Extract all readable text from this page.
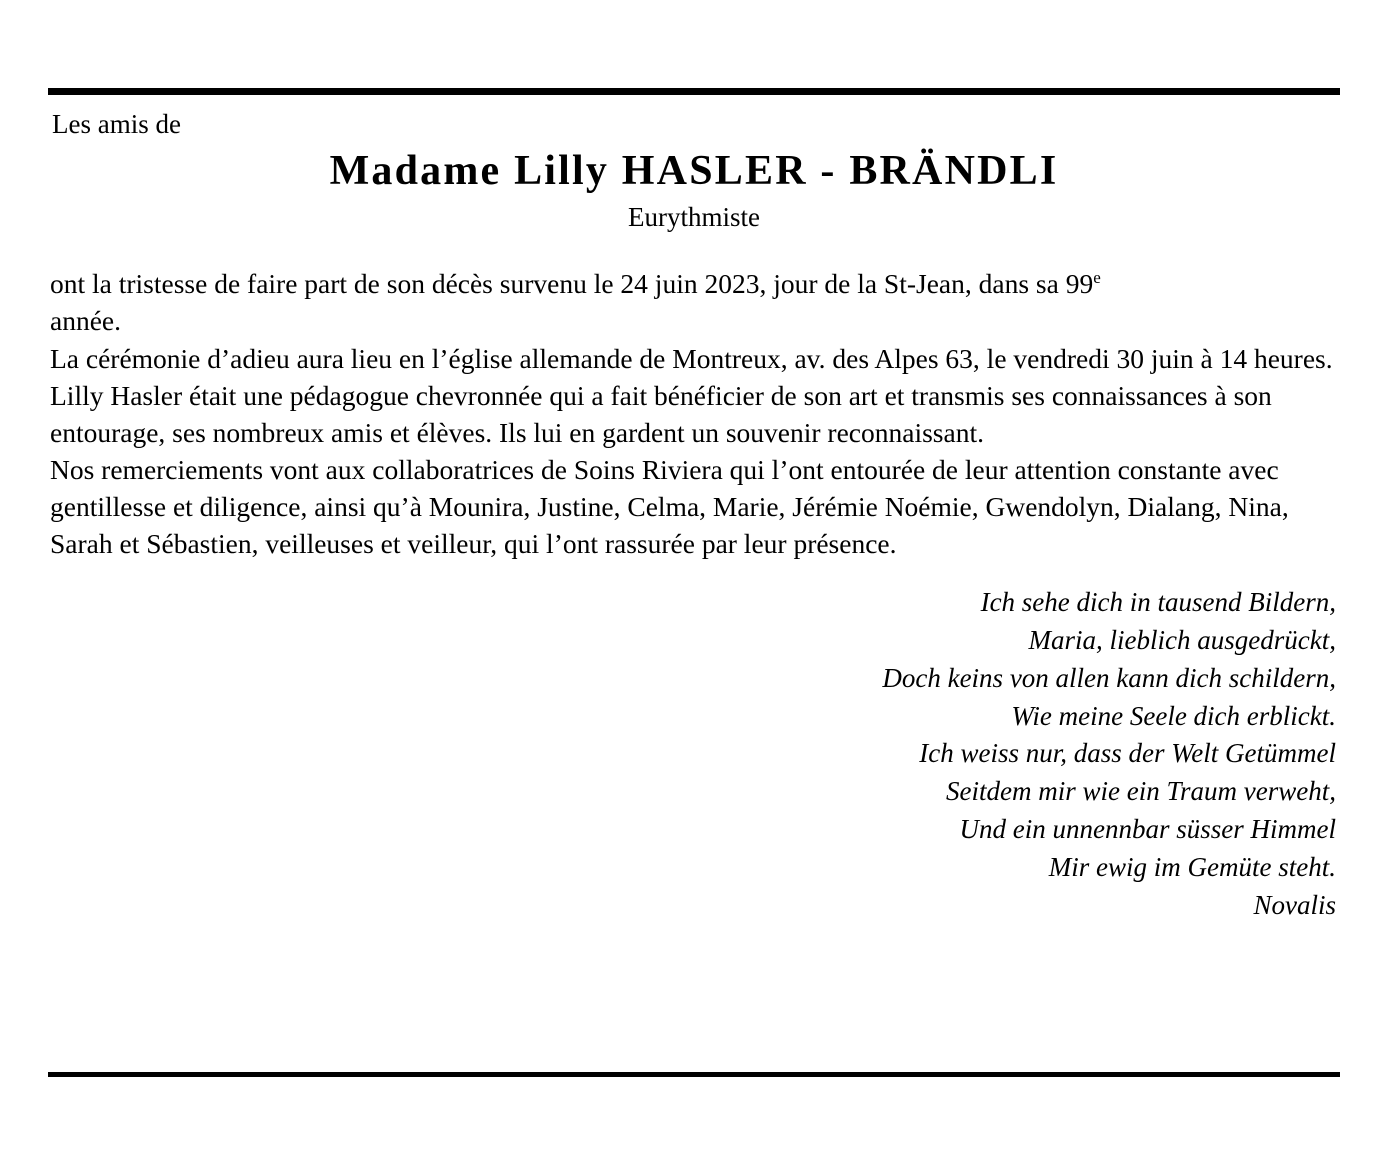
Les amis de
Madame Lilly HASLER - BRÄNDLI
Eurythmiste

ont la tristesse de faire part de son décès survenu le 24 juin 2023, jour de la St-Jean, dans sa 99e

année.

La cérémonie d’adieu aura lieu en l’église allemande de Montreux, av. des Alpes 63, le vendredi 30 juin à 14 heures.

Lilly Hasler était une pédagogue chevronnée qui a fait bénéficier de son art et transmis ses connaissances à son entourage, ses nombreux amis et élèves. Ils lui en gardent un souvenir reconnaissant.

Nos remerciements vont aux collaboratrices de Soins Riviera qui l’ont entourée de leur attention constante avec gentillesse et diligence, ainsi qu’à Mounira, Justine, Celma, Marie, Jérémie Noémie, Gwendolyn, Dialang, Nina, Sarah et Sébastien, veilleuses et veilleur, qui l’ont rassurée par leur présence.

Ich sehe dich in tausend Bildern,
Maria, lieblich ausgedrückt,
Doch keins von allen kann dich schildern,
Wie meine Seele dich erblickt.
Ich weiss nur, dass der Welt Getümmel
Seitdem mir wie ein Traum verweht,
Und ein unnennbar süsser Himmel
Mir ewig im Gemüte steht.
Novalis
